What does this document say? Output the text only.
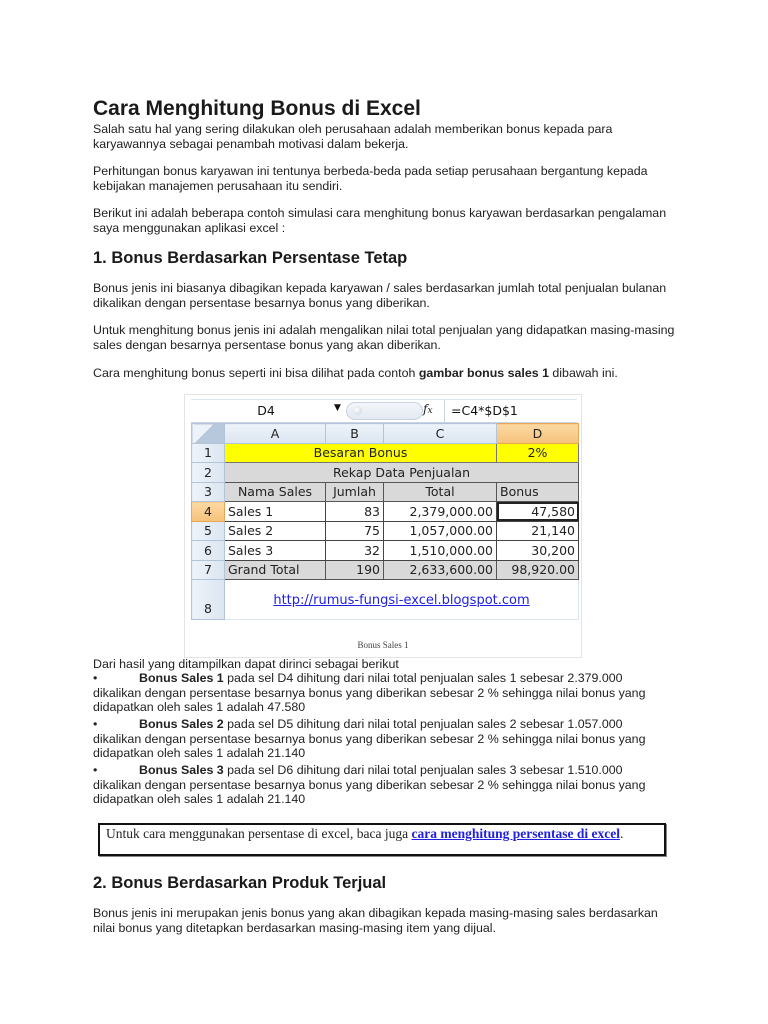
Cara Menghitung Bonus di Excel

Salah satu hal yang sering dilakukan oleh perusahaan adalah memberikan bonus kepada para karyawannya sebagai penambah motivasi dalam bekerja.

Perhitungan bonus karyawan ini tentunya berbeda-beda pada setiap perusahaan bergantung kepada kebijakan manajemen perusahaan itu sendiri.

Berikut ini adalah beberapa contoh simulasi cara menghitung bonus karyawan berdasarkan pengalaman saya menggunakan aplikasi excel :

1. Bonus Berdasarkan Persentase Tetap

Bonus jenis ini biasanya dibagikan kepada karyawan / sales berdasarkan jumlah total penjualan bulanan dikalikan dengan persentase besarnya bonus yang diberikan.

Untuk menghitung bonus jenis ini adalah mengalikan nilai total penjualan yang didapatkan masing-masing sales dengan besarnya persentase bonus yang akan diberikan.

Cara menghitung bonus seperti ini bisa dilihat pada contoh gambar bonus sales 1 dibawah ini.

D4	▼	fx =C4*$D$1
	A	B	C	D
1	Besaran Bonus			2%
2	Rekap Data Penjualan			
3	Nama Sales	Jumlah	Total	Bonus
4	Sales 1	83	2,379,000.00	47,580
5	Sales 2	75	1,057,000.00	21,140
6	Sales 3	32	1,510,000.00	30,200
7	Grand Total	190	2,633,600.00	98,920.00
8	http://rumus-fungsi-excel.blogspot.com			
Bonus Sales 1

Dari hasil yang ditampilkan dapat dirinci sebagai berikut

•	Bonus Sales 1 pada sel D4 dihitung dari nilai total penjualan sales 1 sebesar 2.379.000
dikalikan dengan persentase besarnya bonus yang diberikan sebesar 2 % sehingga nilai bonus yang didapatkan oleh sales 1 adalah 47.580
•	Bonus Sales 2 pada sel D5 dihitung dari nilai total penjualan sales 2 sebesar 1.057.000
dikalikan dengan persentase besarnya bonus yang diberikan sebesar 2 % sehingga nilai bonus yang didapatkan oleh sales 1 adalah 21.140
•	Bonus Sales 3 pada sel D6 dihitung dari nilai total penjualan sales 3 sebesar 1.510.000
dikalikan dengan persentase besarnya bonus yang diberikan sebesar 2 % sehingga nilai bonus yang didapatkan oleh sales 1 adalah 21.140
Untuk cara menggunakan persentase di excel, baca juga cara menghitung persentase di excel.
2. Bonus Berdasarkan Produk Terjual

Bonus jenis ini merupakan jenis bonus yang akan dibagikan kepada masing-masing sales berdasarkan nilai bonus yang ditetapkan berdasarkan masing-masing item yang dijual.
